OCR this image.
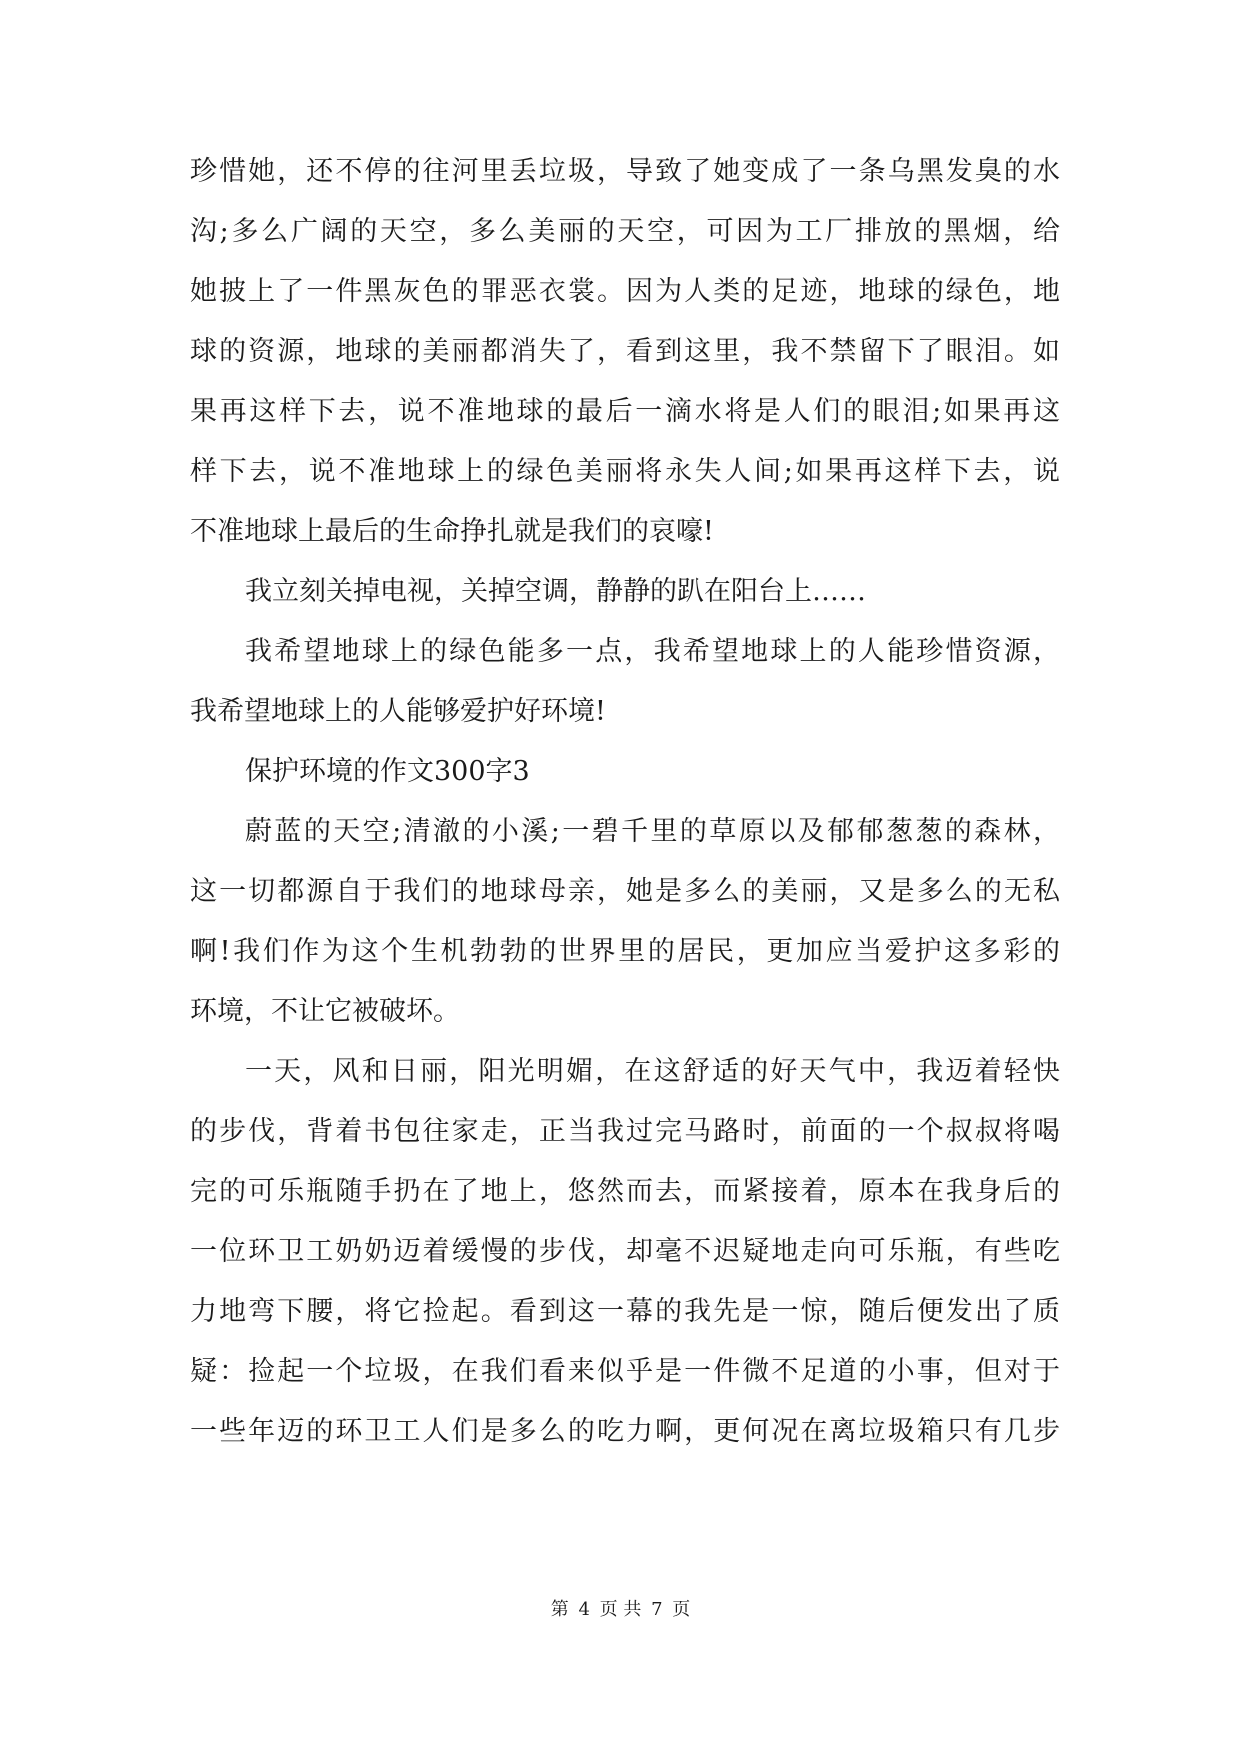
珍惜她，还不停的往河里丢垃圾，导致了她变成了一条乌黑发臭的水
沟;多么广阔的天空，多么美丽的天空，可因为工厂排放的黑烟，给
她披上了一件黑灰色的罪恶衣裳。因为人类的足迹，地球的绿色，地
球的资源，地球的美丽都消失了，看到这里，我不禁留下了眼泪。如
果再这样下去，说不准地球的最后一滴水将是人们的眼泪;如果再这
样下去，说不准地球上的绿色美丽将永失人间;如果再这样下去，说
不准地球上最后的生命挣扎就是我们的哀嚎!
我立刻关掉电视，关掉空调，静静的趴在阳台上……
我希望地球上的绿色能多一点，我希望地球上的人能珍惜资源，
我希望地球上的人能够爱护好环境!
保护环境的作文300字3
蔚蓝的天空;清澈的小溪;一碧千里的草原以及郁郁葱葱的森林，
这一切都源自于我们的地球母亲，她是多么的美丽，又是多么的无私
啊!我们作为这个生机勃勃的世界里的居民，更加应当爱护这多彩的
环境，不让它被破坏。
一天，风和日丽，阳光明媚，在这舒适的好天气中，我迈着轻快
的步伐，背着书包往家走，正当我过完马路时，前面的一个叔叔将喝
完的可乐瓶随手扔在了地上，悠然而去，而紧接着，原本在我身后的
一位环卫工奶奶迈着缓慢的步伐，却毫不迟疑地走向可乐瓶，有些吃
力地弯下腰，将它捡起。看到这一幕的我先是一惊，随后便发出了质
疑：捡起一个垃圾，在我们看来似乎是一件微不足道的小事，但对于
一些年迈的环卫工人们是多么的吃力啊，更何况在离垃圾箱只有几步
第 4 页 共 7 页
